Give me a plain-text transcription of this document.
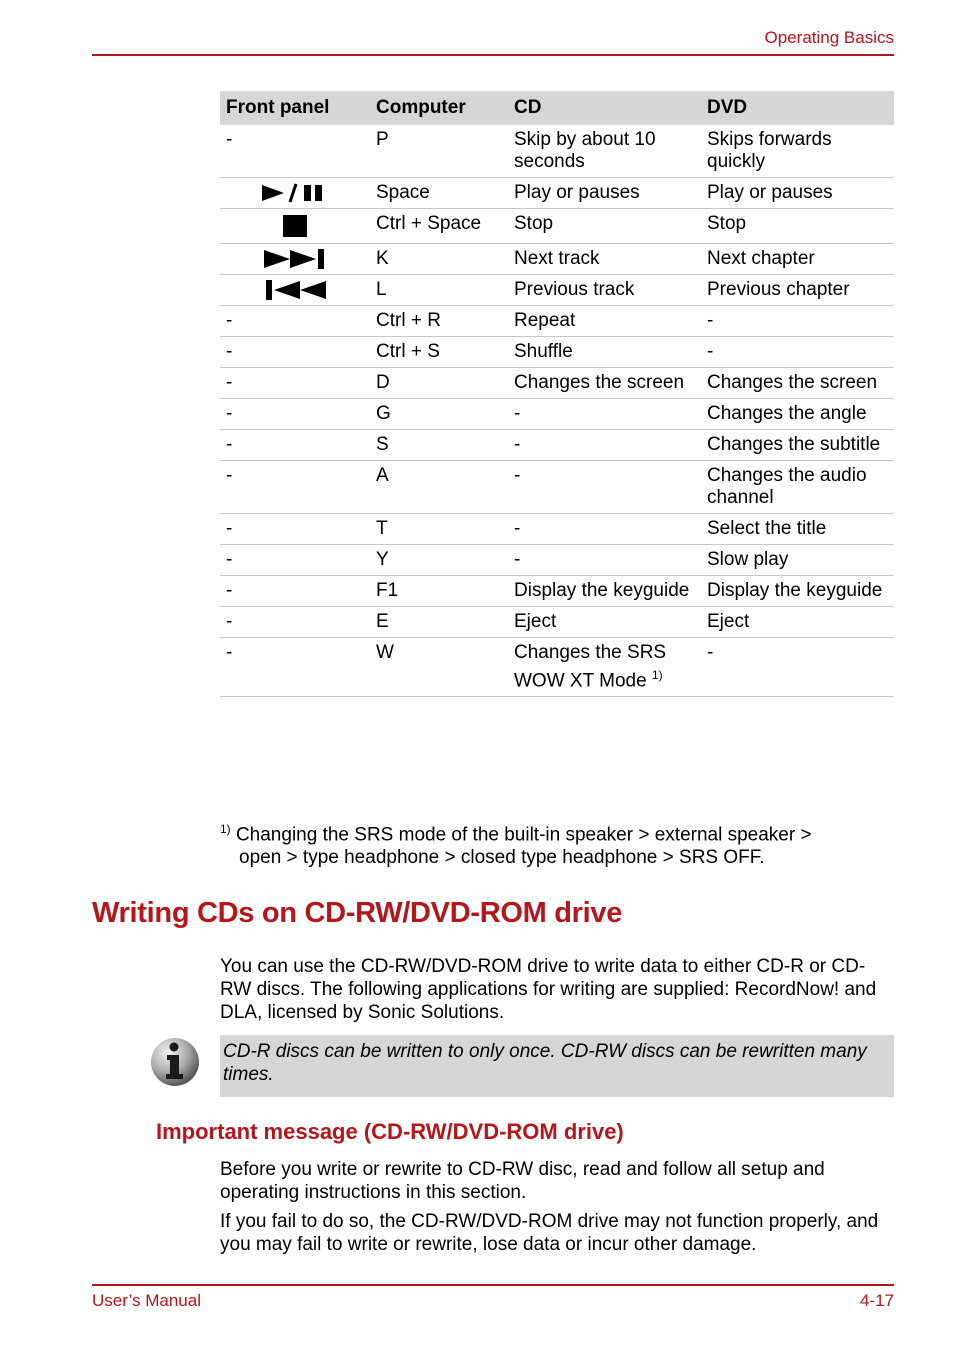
Operating Basics
Front panel	Computer	CD	DVD
-	P	Skip by about 10 seconds	Skips forwards quickly
	Space	Play or pauses	Play or pauses
	Ctrl + Space	Stop	Stop
	K	Next track	Next chapter
	L	Previous track	Previous chapter
-	Ctrl + R	Repeat	-
-	Ctrl + S	Shuffle	-
-	D	Changes the screen	Changes the screen
-	G	-	Changes the angle
-	S	-	Changes the subtitle
-	A	-	Changes the audio channel
-	T	-	Select the title
-	Y	-	Slow play
-	F1	Display the keyguide	Display the keyguide
-	E	Eject	Eject
-	W	Changes the SRS WOW XT Mode $^{1)}$	-
$^{1)}$ Changing the SRS mode of the built-in speaker > external speaker >
open > type headphone > closed type headphone > SRS OFF.
Writing CDs on CD-RW/DVD-ROM drive

You can use the CD-RW/DVD-ROM drive to write data to either CD-R or CD-RW discs. The following applications for writing are supplied: RecordNow! and DLA, licensed by Sonic Solutions.

CD-R discs can be written to only once. CD-RW discs can be rewritten many times.
Important message (CD-RW/DVD-ROM drive)

Before you write or rewrite to CD-RW disc, read and follow all setup and operating instructions in this section.

If you fail to do so, the CD-RW/DVD-ROM drive may not function properly, and you may fail to write or rewrite, lose data or incur other damage.

User’s Manual	4-17
